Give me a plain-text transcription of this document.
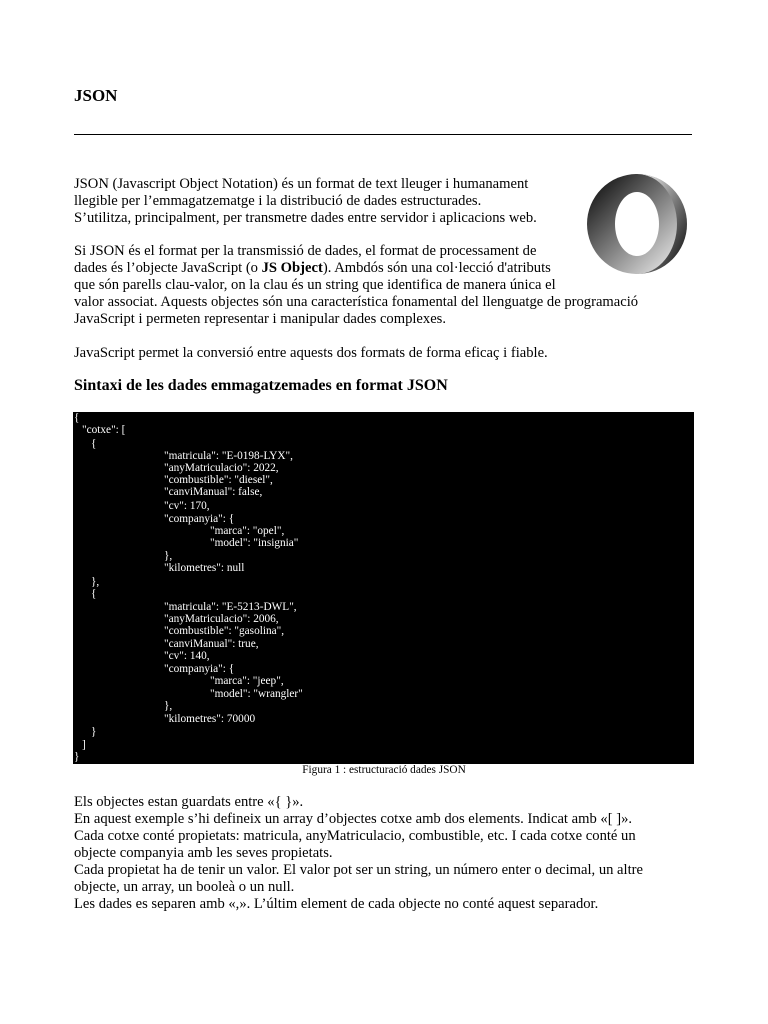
JSON

JSON (Javascript Object Notation) és un format de text lleuger i humanament

llegible per l’emmagatzematge i la distribució de dades estructurades.

S’utilitza, principalment, per transmetre dades entre servidor i aplicacions web.

Si JSON és el format per la transmissió de dades, el format de processament de

dades és l’objecte JavaScript (o JS Object). Ambdós són una col·lecció d'atributs

que són parells clau-valor, on la clau és un string que identifica de manera única el

valor associat. Aquests objectes són una característica fonamental del llenguatge de programació

JavaScript i permeten representar i manipular dades complexes.

JavaScript permet la conversió entre aquests dos formats de forma eficaç i fiable.

Sintaxi de les dades emmagatzemades en format JSON
{
"cotxe": [
{
"matricula": "E-0198-LYX",
"anyMatriculacio": 2022,
"combustible": "diesel",
"canviManual": false,
"cv": 170,
"companyia": {
"marca": "opel",
"model": "insignia"
},
"kilometres": null
},
{
"matricula": "E-5213-DWL",
"anyMatriculacio": 2006,
"combustible": "gasolina",
"canviManual": true,
"cv": 140,
"companyia": {
"marca": "jeep",
"model": "wrangler"
},
"kilometres": 70000
}
]
}

Figura 1 : estructuració dades JSON

Els objectes estan guardats entre «{ }».

En aquest exemple s’hi defineix un array d’objectes cotxe amb dos elements. Indicat amb «[ ]».

Cada cotxe conté propietats: matricula, anyMatriculacio, combustible, etc. I cada cotxe conté un

objecte companyia amb les seves propietats.

Cada propietat ha de tenir un valor. El valor pot ser un string, un número enter o decimal, un altre

objecte, un array, un booleà o un null.

Les dades es separen amb «,». L’últim element de cada objecte no conté aquest separador.
